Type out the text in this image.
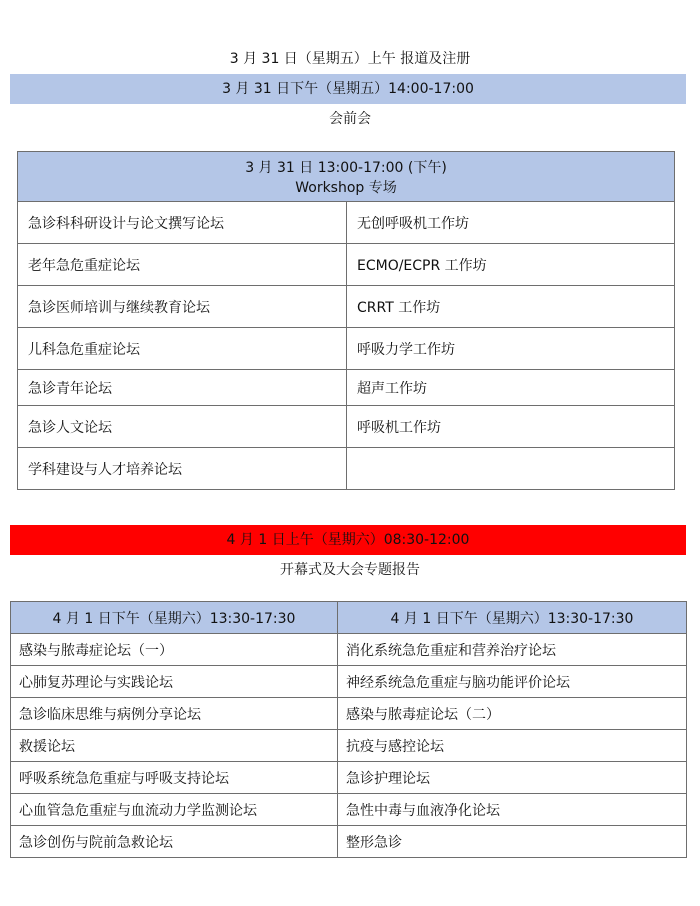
3 月 31 日（星期五）上午 报道及注册
3 月 31 日下午（星期五）14:00-17:00
会前会
3 月 31 日 13:00-17:00 (下午)
Workshop 专场	

急诊科科研设计与论文撰写论坛	无创呼吸机工作坊
老年急危重症论坛	ECMO/ECPR 工作坊
急诊医师培训与继续教育论坛	CRRT 工作坊
儿科急危重症论坛	呼吸力学工作坊
急诊青年论坛	超声工作坊
急诊人文论坛	呼吸机工作坊
学科建设与人才培养论坛	
4 月 1 日上午（星期六）08:30-12:00
开幕式及大会专题报告
4 月 1 日下午（星期六）13:30-17:30	4 月 1 日下午（星期六）13:30-17:30
感染与脓毒症论坛（一）	消化系统急危重症和营养治疗论坛
心肺复苏理论与实践论坛	神经系统急危重症与脑功能评价论坛
急诊临床思维与病例分享论坛	感染与脓毒症论坛（二）
救援论坛	抗疫与感控论坛
呼吸系统急危重症与呼吸支持论坛	急诊护理论坛
心血管急危重症与血流动力学监测论坛	急性中毒与血液净化论坛
急诊创伤与院前急救论坛	整形急诊
